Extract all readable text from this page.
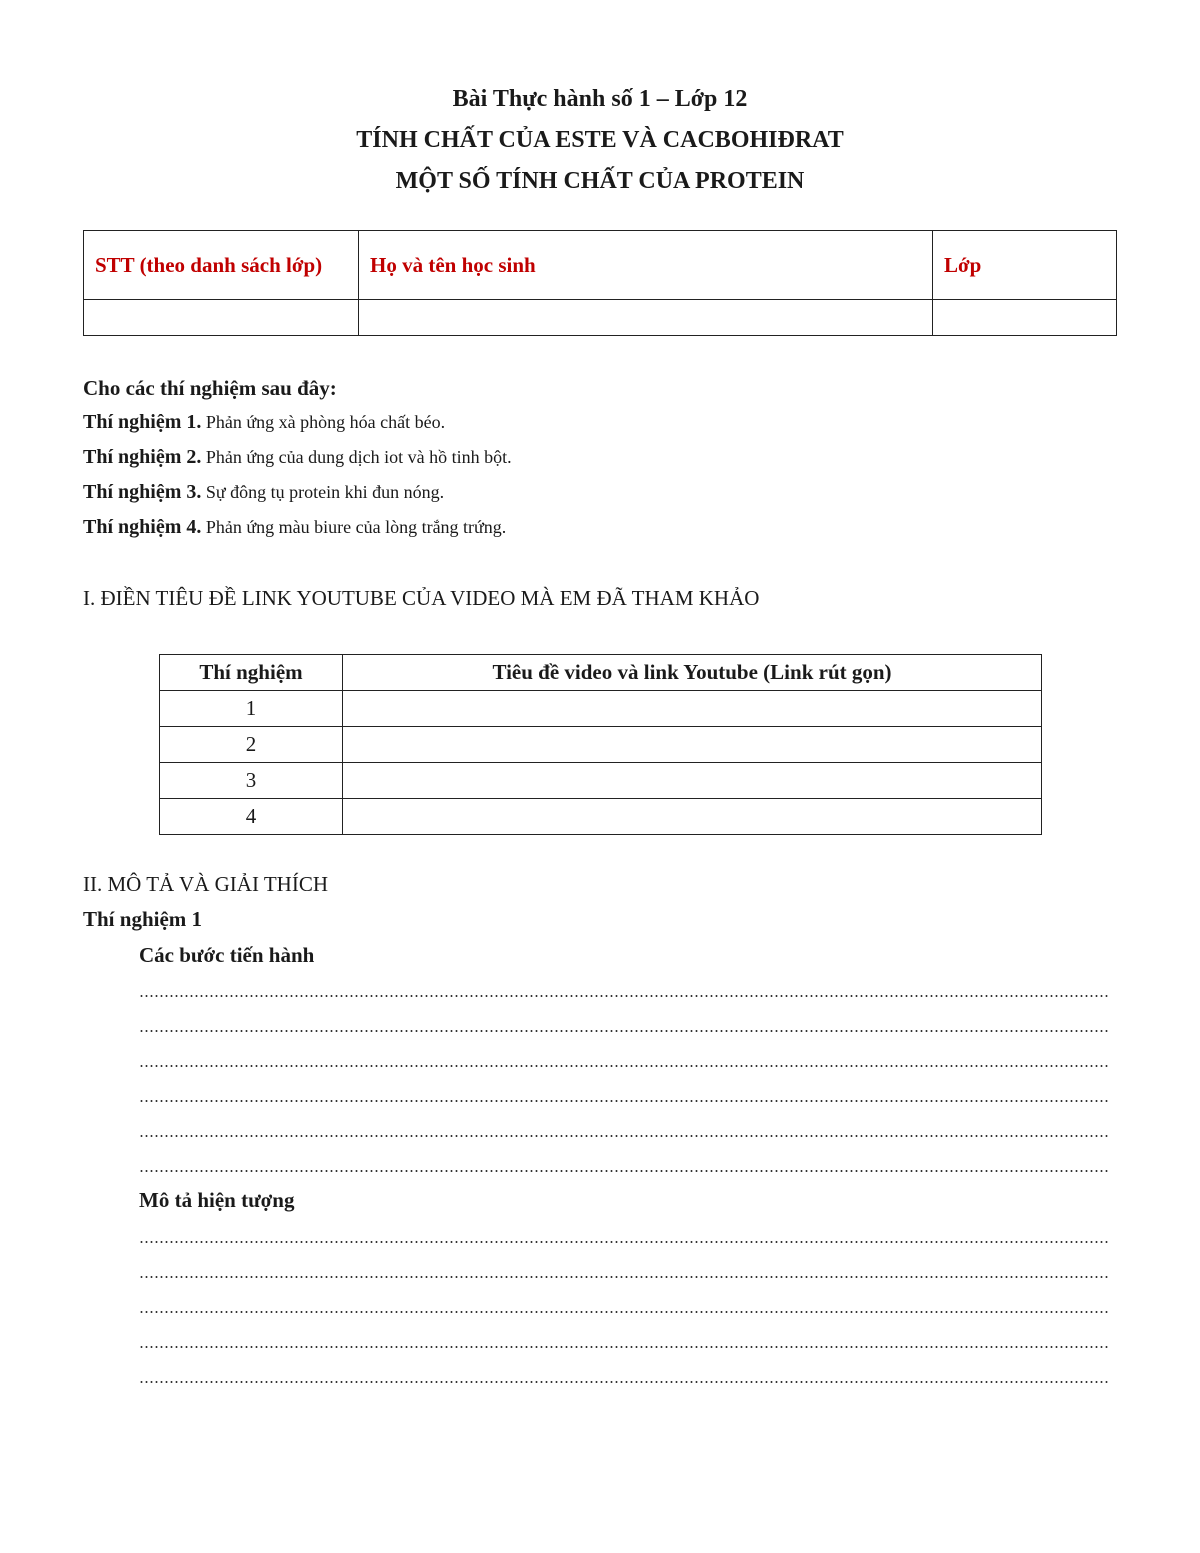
Bài Thực hành số 1 – Lớp 12
TÍNH CHẤT CỦA ESTE VÀ CACBOHIĐRAT
MỘT SỐ TÍNH CHẤT CỦA PROTEIN
STT (theo danh sách lớp)	Họ và tên học sinh	Lớp

Cho các thí nghiệm sau đây:
Thí nghiệm 1. Phản ứng xà phòng hóa chất béo.
Thí nghiệm 2. Phản ứng của dung dịch iot và hồ tinh bột.
Thí nghiệm 3. Sự đông tụ protein khi đun nóng.
Thí nghiệm 4. Phản ứng màu biure của lòng trắng trứng.
I. ĐIỀN TIÊU ĐỀ LINK YOUTUBE CỦA VIDEO MÀ EM ĐÃ THAM KHẢO
Thí nghiệm	Tiêu đề video và link Youtube (Link rút gọn)
1	
2	
3	
4	
II. MÔ TẢ VÀ GIẢI THÍCH
Thí nghiệm 1
Các bước tiến hành
Mô tả hiện tượng
